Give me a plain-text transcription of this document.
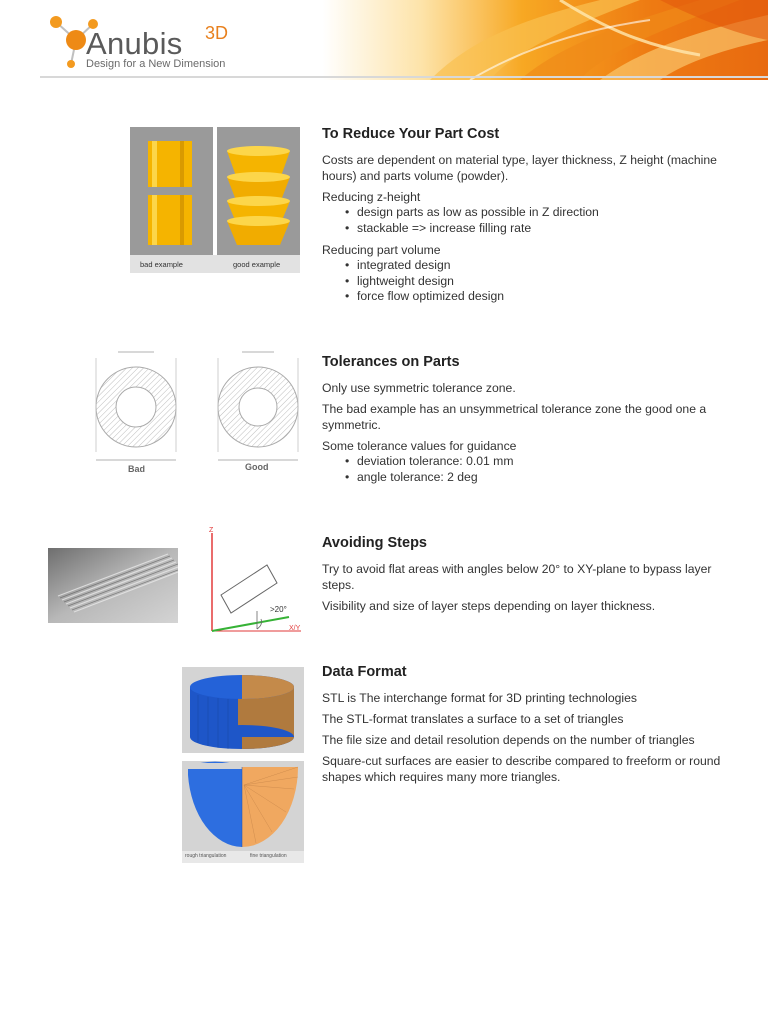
Anubis 3D
Design for a New Dimension
bad example	good example
To Reduce Your Part Cost

Costs are dependent on material type, layer thickness, Z height (machine hours) and parts volume (powder).

Reducing z-height

• design parts as low as possible in Z direction
• stackable => increase filling rate

Reducing part volume

• integrated design
• lightweight design
• force flow optimized design
Bad	Good
Tolerances on Parts

Only use symmetric tolerance zone.

The bad example has an unsymmetrical tolerance zone the good one a symmetric.

Some tolerance values for guidance

• deviation tolerance: 0.01 mm
• angle tolerance: 2 deg
Z
X/Y
>20°
Avoiding Steps

Try to avoid flat areas with angles below 20° to XY-plane to bypass layer steps.

Visibility and size of layer steps depending on layer thickness.

rough triangulation	fine triangulation
Data Format

STL is The interchange format for 3D printing technologies

The STL-format translates a surface to a set of triangles

The file size and detail resolution depends on the number of triangles

Square-cut surfaces are easier to describe compared to freeform or round shapes which requires many more triangles.
